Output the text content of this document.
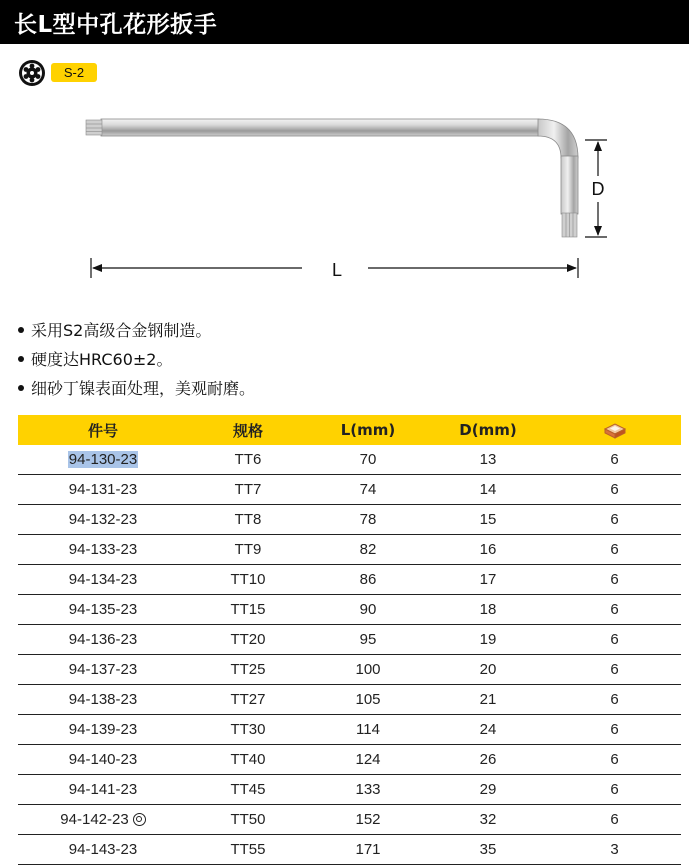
长L型中孔花形扳手
S-2
D
L
采用S2高级合金钢制造。
硬度达HRC60±2。
细砂丁镍表面处理，美观耐磨。
件号	规格	L(mm)	D(mm)	
94-130-23	TT6	70	13	6
94-131-23	TT7	74	14	6
94-132-23	TT8	78	15	6
94-133-23	TT9	82	16	6
94-134-23	TT10	86	17	6
94-135-23	TT15	90	18	6
94-136-23	TT20	95	19	6
94-137-23	TT25	100	20	6
94-138-23	TT27	105	21	6
94-139-23	TT30	114	24	6
94-140-23	TT40	124	26	6
94-141-23	TT45	133	29	6
94-142-23	TT50	152	32	6
94-143-23	TT55	171	35	3
